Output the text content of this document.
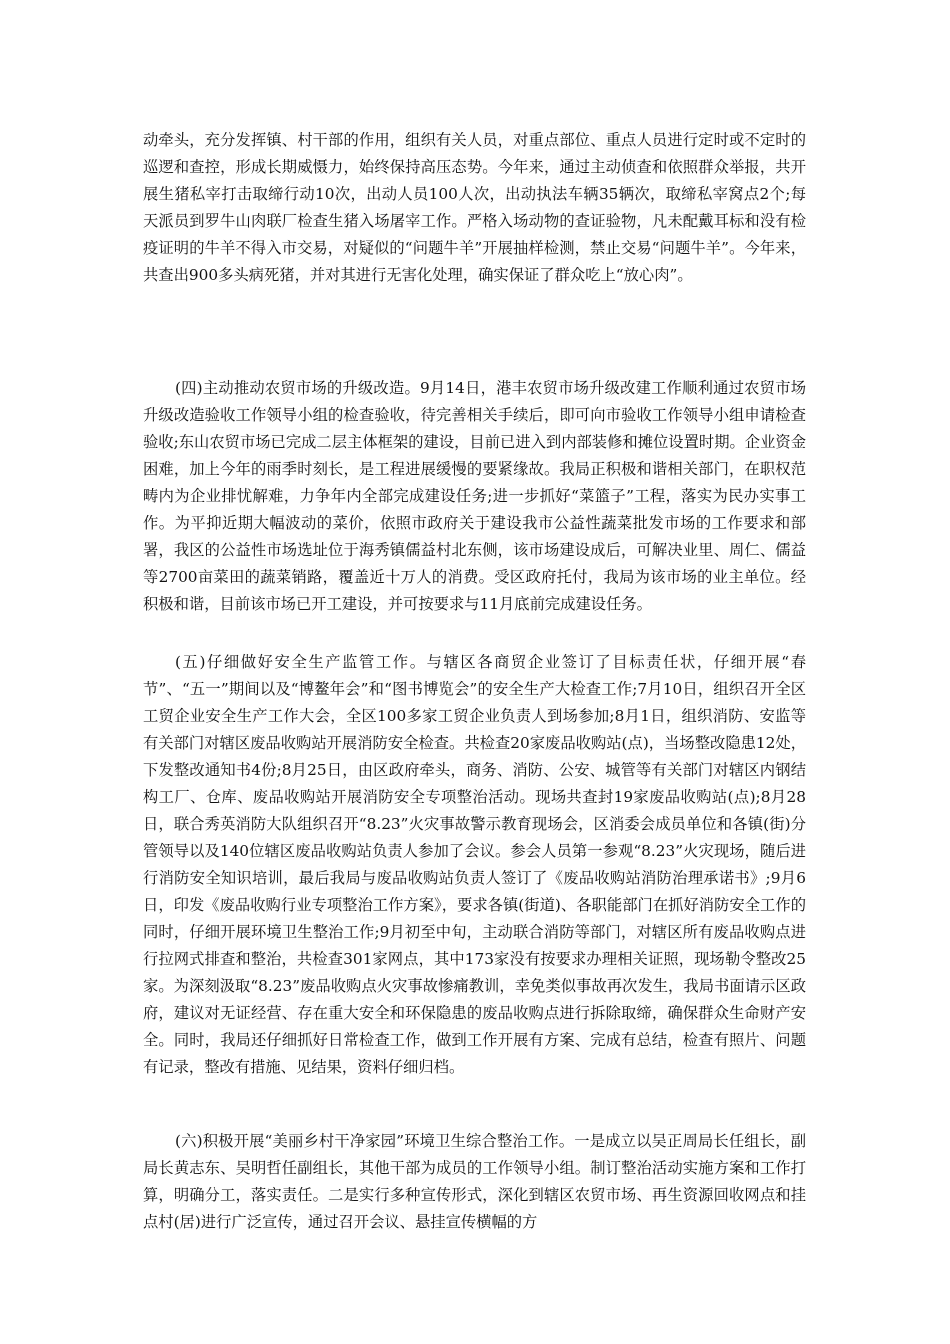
动牵头，充分发挥镇、村干部的作用，组织有关人员，对重点部位、重点人员进行定时或不定时的巡逻和查控，形成长期威慑力，始终保持高压态势。今年来，通过主动侦查和依照群众举报，共开展生猪私宰打击取缔行动10次，出动人员100人次，出动执法车辆35辆次，取缔私宰窝点2个;每天派员到罗牛山肉联厂检查生猪入场屠宰工作。严格入场动物的查证验物，凡未配戴耳标和没有检疫证明的牛羊不得入市交易，对疑似的“问题牛羊”开展抽样检测，禁止交易“问题牛羊”。今年来，共查出900多头病死猪，并对其进行无害化处理，确实保证了群众吃上“放心肉”。

(四)主动推动农贸市场的升级改造。9月14日，港丰农贸市场升级改建工作顺利通过农贸市场升级改造验收工作领导小组的检查验收，待完善相关手续后，即可向市验收工作领导小组申请检查验收;东山农贸市场已完成二层主体框架的建设，目前已进入到内部装修和摊位设置时期。企业资金困难，加上今年的雨季时刻长，是工程进展缓慢的要紧缘故。我局正积极和谐相关部门，在职权范畴内为企业排忧解难，力争年内全部完成建设任务;进一步抓好“菜篮子”工程，落实为民办实事工作。为平抑近期大幅波动的菜价，依照市政府关于建设我市公益性蔬菜批发市场的工作要求和部署，我区的公益性市场选址位于海秀镇儒益村北东侧，该市场建设成后，可解决业里、周仁、儒益等2700亩菜田的蔬菜销路，覆盖近十万人的消费。受区政府托付，我局为该市场的业主单位。经积极和谐，目前该市场已开工建设，并可按要求与11月底前完成建设任务。

(五)仔细做好安全生产监管工作。与辖区各商贸企业签订了目标责任状，仔细开展“春节”、“五一”期间以及“博鳌年会”和“图书博览会”的安全生产大检查工作;7月10日，组织召开全区工贸企业安全生产工作大会，全区100多家工贸企业负责人到场参加;8月1日，组织消防、安监等有关部门对辖区废品收购站开展消防安全检查。共检查20家废品收购站(点)，当场整改隐患12处，下发整改通知书4份;8月25日，由区政府牵头，商务、消防、公安、城管等有关部门对辖区内钢结构工厂、仓库、废品收购站开展消防安全专项整治活动。现场共查封19家废品收购站(点);8月28日，联合秀英消防大队组织召开“8.23”火灾事故警示教育现场会，区消委会成员单位和各镇(街)分管领导以及140位辖区废品收购站负责人参加了会议。参会人员第一参观“8.23”火灾现场，随后进行消防安全知识培训，最后我局与废品收购站负责人签订了《废品收购站消防治理承诺书》;9月6日，印发《废品收购行业专项整治工作方案》，要求各镇(街道)、各职能部门在抓好消防安全工作的同时，仔细开展环境卫生整治工作;9月初至中旬，主动联合消防等部门，对辖区所有废品收购点进行拉网式排查和整治，共检查301家网点，其中173家没有按要求办理相关证照，现场勒令整改25家。为深刻汲取“8.23”废品收购点火灾事故惨痛教训，幸免类似事故再次发生，我局书面请示区政府，建议对无证经营、存在重大安全和环保隐患的废品收购点进行拆除取缔，确保群众生命财产安全。同时，我局还仔细抓好日常检查工作，做到工作开展有方案、完成有总结，检查有照片、问题有记录，整改有措施、见结果，资料仔细归档。

(六)积极开展“美丽乡村干净家园”环境卫生综合整治工作。一是成立以吴正周局长任组长，副局长黄志东、吴明哲任副组长，其他干部为成员的工作领导小组。制订整治活动实施方案和工作打算，明确分工，落实责任。二是实行多种宣传形式，深化到辖区农贸市场、再生资源回收网点和挂点村(居)进行广泛宣传，通过召开会议、悬挂宣传横幅的方
